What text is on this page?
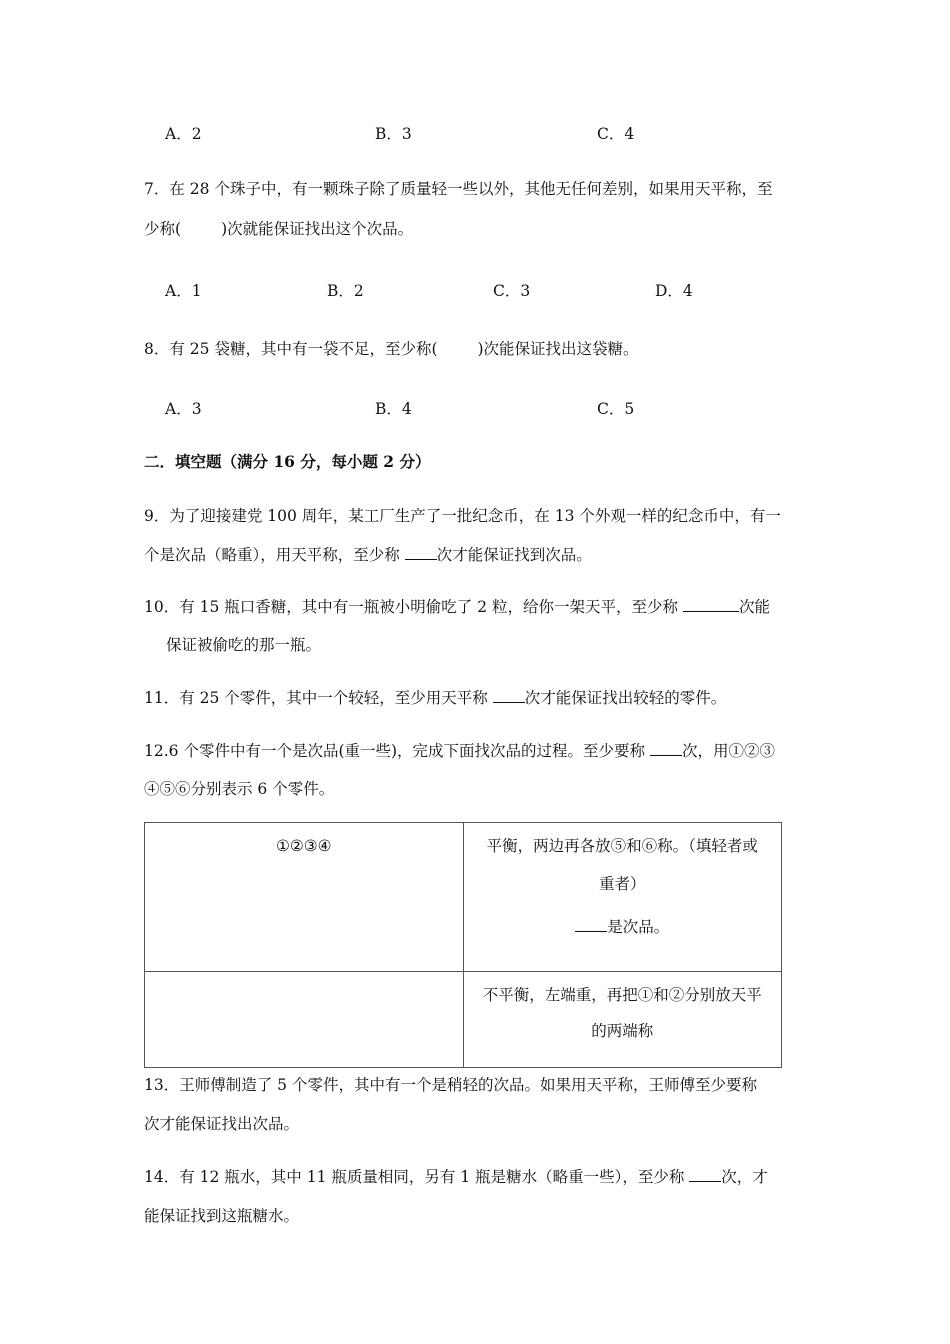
A．2	B．3	C．4
7．在 28 个珠子中，有一颗珠子除了质量轻一些以外，其他无任何差别，如果用天平称，至
少称(	)次就能保证找出这个次品。
A．1	B．2	C．3	D．4
8．有 25 袋糖，其中有一袋不足，至少称(	)次能保证找出这袋糖。
A．3	B．4	C．5
二．填空题（满分 16 分，每小题 2 分）
9．为了迎接建党 100 周年，某工厂生产了一批纪念币，在 13 个外观一样的纪念币中，有一
个是次品（略重），用天平称，至少称 次才能保证找到次品。
10．有 15 瓶口香糖，其中有一瓶被小明偷吃了 2 粒，给你一架天平，至少称	次能
保证被偷吃的那一瓶。
11．有 25 个零件，其中一个较轻，至少用天平称 次才能保证找出较轻的零件。
12.6 个零件中有一个是次品(重一些)，完成下面找次品的过程。至少要称 次，用①②③
④⑤⑥分别表示 6 个零件。
①②③④	平衡，两边再各放⑤和⑥称。（填轻者或
重者）
是次品。

	不平衡，左端重，再把①和②分别放天平
的两端称
13．王师傅制造了 5 个零件，其中有一个是稍轻的次品。如果用天平称，王师傅至少要称
次才能保证找出次品。
14．有 12 瓶水，其中 11 瓶质量相同，另有 1 瓶是糖水（略重一些），至少称 次，才
能保证找到这瓶糖水。
